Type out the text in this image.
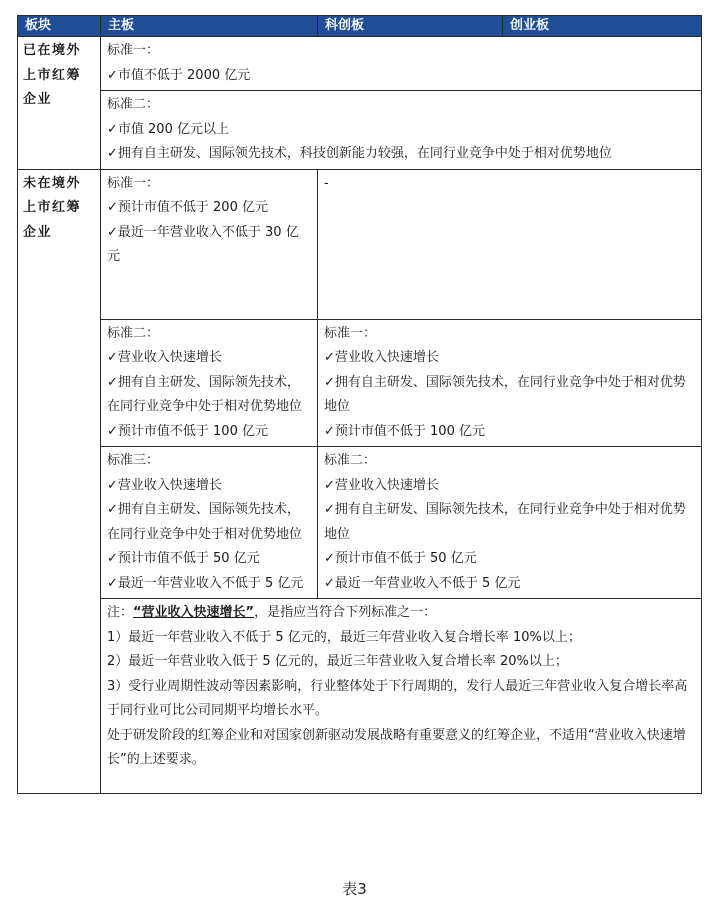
板块	主板	科创板	创业板
已在境外上市红筹企业	标准一：
✓市值不低于 2000 亿元		

	标准二：
✓市值 200 亿元以上
✓拥有自主研发、国际领先技术，科技创新能力较强，在同行业竞争中处于相对优势地位		

未在境外上市红筹企业	标准一：
✓预计市值不低于 200 亿元
✓最近一年营业收入不低于 30 亿元	-	

	标准二：
✓营业收入快速增长
✓拥有自主研发、国际领先技术，在同行业竞争中处于相对优势地位
✓预计市值不低于 100 亿元	标准一：
✓营业收入快速增长
✓拥有自主研发、国际领先技术，在同行业竞争中处于相对优势地位
✓预计市值不低于 100 亿元	

	标准三：
✓营业收入快速增长
✓拥有自主研发、国际领先技术，在同行业竞争中处于相对优势地位
✓预计市值不低于 50 亿元
✓最近一年营业收入不低于 5 亿元	标准二：
✓营业收入快速增长
✓拥有自主研发、国际领先技术，在同行业竞争中处于相对优势地位
✓预计市值不低于 50 亿元
✓最近一年营业收入不低于 5 亿元	

	注：“营业收入快速增长”，是指应当符合下列标准之一：
1）最近一年营业收入不低于 5 亿元的，最近三年营业收入复合增长率 10%以上；
2）最近一年营业收入低于 5 亿元的，最近三年营业收入复合增长率 20%以上；
3）受行业周期性波动等因素影响，行业整体处于下行周期的，发行人最近三年营业收入复合增长率高于同行业可比公司同期平均增长水平。
处于研发阶段的红筹企业和对国家创新驱动发展战略有重要意义的红筹企业，不适用“营业收入快速增长”的上述要求。		
表3
